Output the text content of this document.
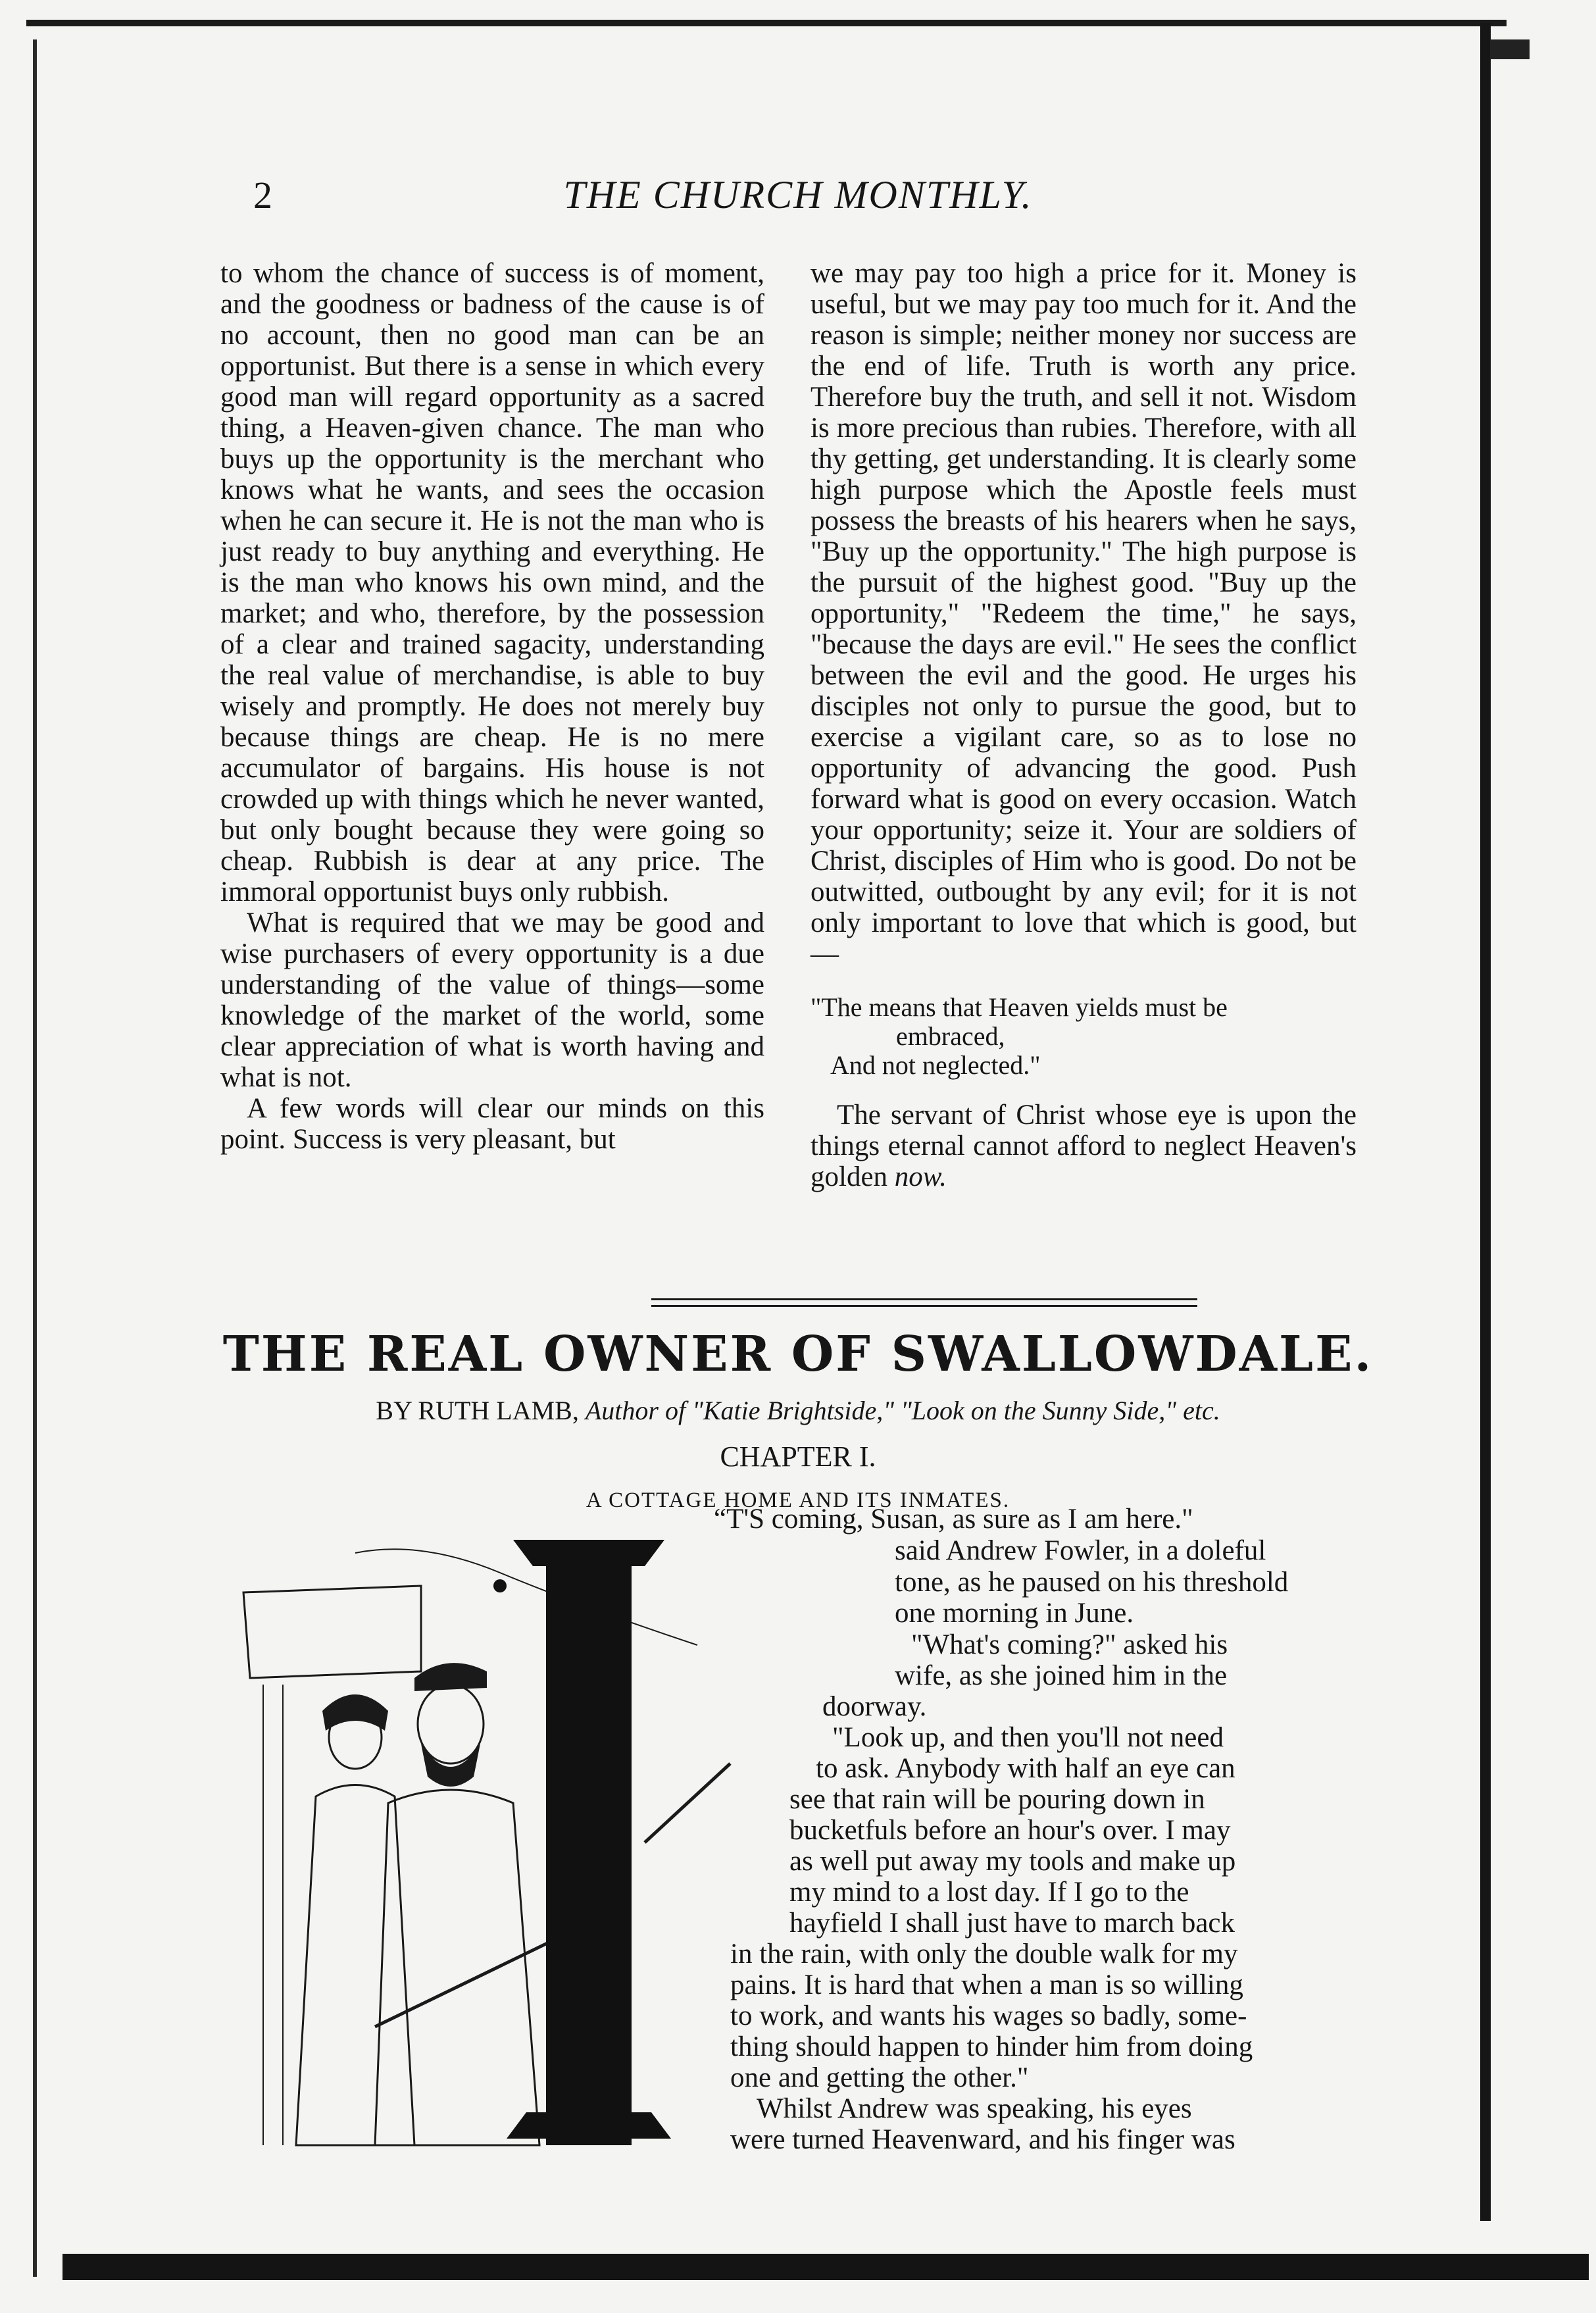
2	THE CHURCH MONTHLY.

to whom the chance of success is of moment, and the goodness or badness of the cause is of no account, then no good man can be an opportunist. But there is a sense in which every good man will regard opportunity as a sacred thing, a Heaven-given chance. The man who buys up the opportunity is the merchant who knows what he wants, and sees the occasion when he can secure it. He is not the man who is just ready to buy anything and everything. He is the man who knows his own mind, and the market; and who, therefore, by the possession of a clear and trained sagacity, understanding the real value of merchandise, is able to buy wisely and promptly. He does not merely buy because things are cheap. He is no mere accumulator of bargains. His house is not crowded up with things which he never wanted, but only bought because they were going so cheap. Rubbish is dear at any price. The immoral opportunist buys only rubbish.

What is required that we may be good and wise purchasers of every opportunity is a due understanding of the value of things—some knowledge of the market of the world, some clear appreciation of what is worth having and what is not.

A few words will clear our minds on this point. Success is very pleasant, but

we may pay too high a price for it. Money is useful, but we may pay too much for it. And the reason is simple; neither money nor success are the end of life. Truth is worth any price. Therefore buy the truth, and sell it not. Wisdom is more precious than rubies. Therefore, with all thy getting, get understanding. It is clearly some high purpose which the Apostle feels must possess the breasts of his hearers when he says, "Buy up the opportunity." The high purpose is the pursuit of the highest good. "Buy up the opportunity," "Redeem the time," he says, "because the days are evil." He sees the conflict between the evil and the good. He urges his disciples not only to pursue the good, but to exercise a vigilant care, so as to lose no opportunity of advancing the good. Push forward what is good on every occasion. Watch your opportunity; seize it. Your are soldiers of Christ, disciples of Him who is good. Do not be outwitted, outbought by any evil; for it is not only important to love that which is good, but—

"The means that Heaven yields must be
embraced,
And not neglected."

The servant of Christ whose eye is upon the things eternal cannot afford to neglect Heaven's golden now.

THE REAL OWNER OF SWALLOWDALE.
BY RUTH LAMB, Author of "Katie Brightside," "Look on the Sunny Side," etc.
CHAPTER I.
A COTTAGE HOME AND ITS INMATES.
“T'S coming, Susan, as sure as I am here."
said Andrew Fowler, in a doleful
tone, as he paused on his threshold
one morning in June.
"What's coming?" asked his
wife, as she joined him in the
doorway.
"Look up, and then you'll not need
to ask. Anybody with half an eye can
see that rain will be pouring down in
bucketfuls before an hour's over. I may
as well put away my tools and make up
my mind to a lost day. If I go to the
hayfield I shall just have to march back
in the rain, with only the double walk for my
pains. It is hard that when a man is so willing
to work, and wants his wages so badly, some-
thing should happen to hinder him from doing
one and getting the other."
Whilst Andrew was speaking, his eyes
were turned Heavenward, and his finger was
